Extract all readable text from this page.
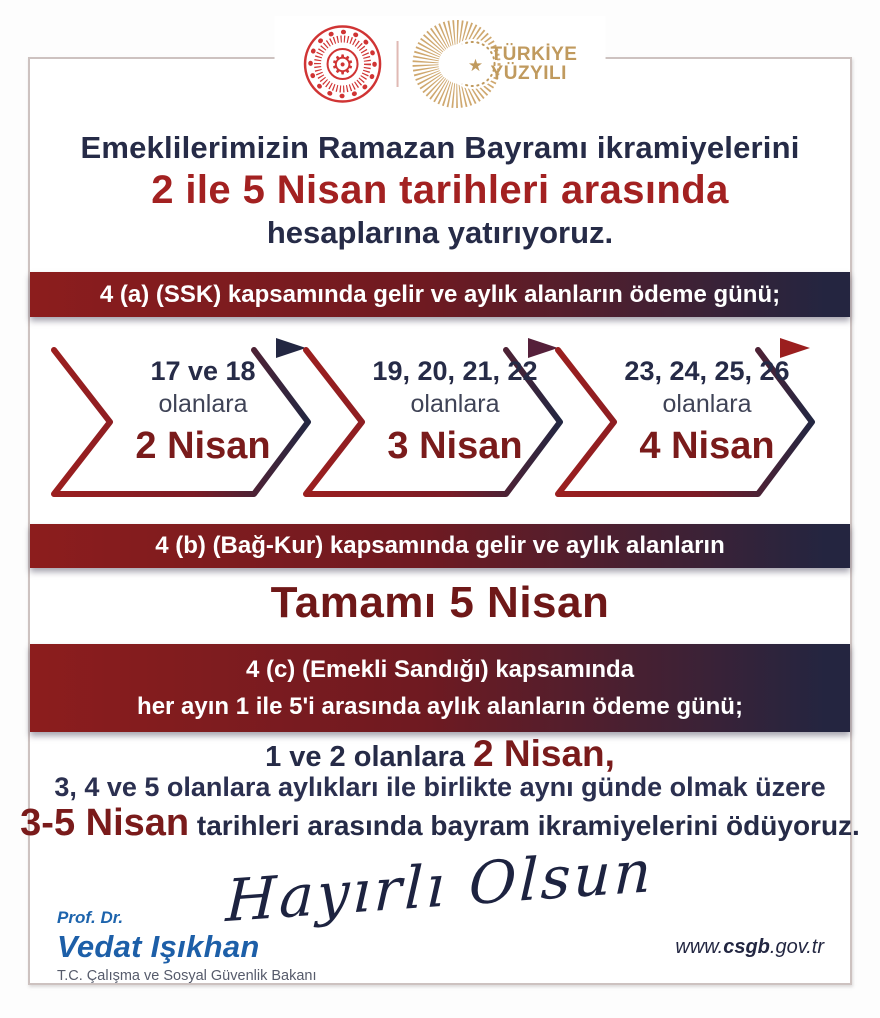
⚙	★
TÜRKİYE
YÜZYILI
Emeklilerimizin Ramazan Bayramı ikramiyelerini
2 ile 5 Nisan tarihleri arasında
hesaplarına yatırıyoruz.
4 (a) (SSK) kapsamında gelir ve aylık alanların ödeme günü;
17 ve 18
olanlara
2 Nisan
19, 20, 21, 22
olanlara
3 Nisan
23, 24, 25, 26
olanlara
4 Nisan
4 (b) (Bağ-Kur) kapsamında gelir ve aylık alanların
Tamamı 5 Nisan
4 (c) (Emekli Sandığı) kapsamında
her ayın 1 ile 5'i arasında aylık alanların ödeme günü;
1 ve 2 olanlara 2 Nisan,
3, 4 ve 5 olanlara aylıkları ile birlikte aynı günde olmak üzere
3-5 Nisan tarihleri arasında bayram ikramiyelerini ödüyoruz.
Hayırlı Olsun
Prof. Dr.
Vedat Işıkhan
T.C. Çalışma ve Sosyal Güvenlik Bakanı
www.csgb.gov.tr
